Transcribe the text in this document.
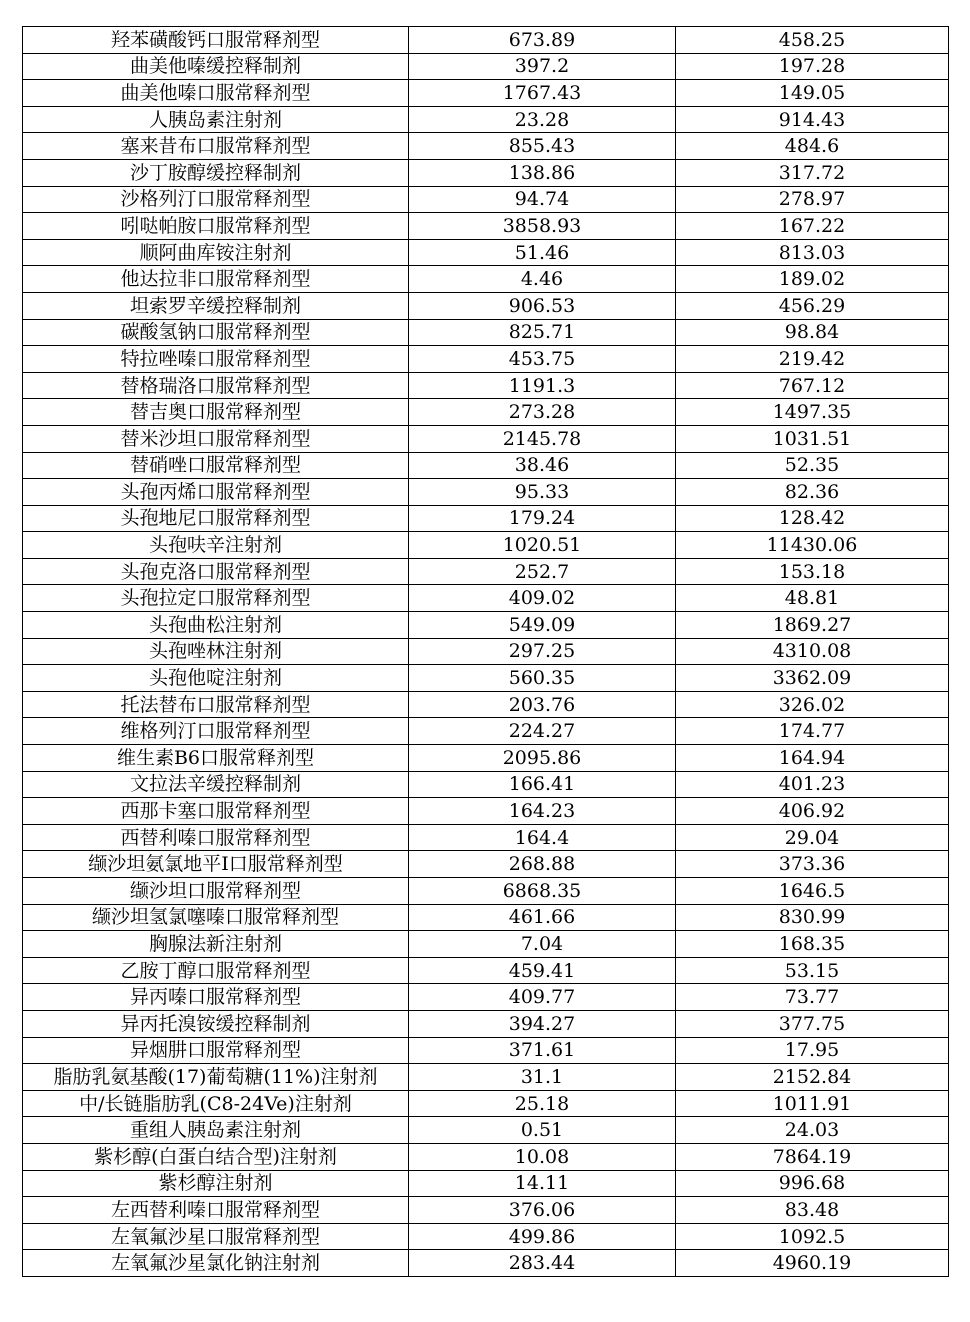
羟苯磺酸钙口服常释剂型	673.89	458.25
曲美他嗪缓控释制剂	397.2	197.28
曲美他嗪口服常释剂型	1767.43	149.05
人胰岛素注射剂	23.28	914.43
塞来昔布口服常释剂型	855.43	484.6
沙丁胺醇缓控释制剂	138.86	317.72
沙格列汀口服常释剂型	94.74	278.97
吲哒帕胺口服常释剂型	3858.93	167.22
顺阿曲库铵注射剂	51.46	813.03
他达拉非口服常释剂型	4.46	189.02
坦索罗辛缓控释制剂	906.53	456.29
碳酸氢钠口服常释剂型	825.71	98.84
特拉唑嗪口服常释剂型	453.75	219.42
替格瑞洛口服常释剂型	1191.3	767.12
替吉奥口服常释剂型	273.28	1497.35
替米沙坦口服常释剂型	2145.78	1031.51
替硝唑口服常释剂型	38.46	52.35
头孢丙烯口服常释剂型	95.33	82.36
头孢地尼口服常释剂型	179.24	128.42
头孢呋辛注射剂	1020.51	11430.06
头孢克洛口服常释剂型	252.7	153.18
头孢拉定口服常释剂型	409.02	48.81
头孢曲松注射剂	549.09	1869.27
头孢唑林注射剂	297.25	4310.08
头孢他啶注射剂	560.35	3362.09
托法替布口服常释剂型	203.76	326.02
维格列汀口服常释剂型	224.27	174.77
维生素B6口服常释剂型	2095.86	164.94
文拉法辛缓控释制剂	166.41	401.23
西那卡塞口服常释剂型	164.23	406.92
西替利嗪口服常释剂型	164.4	29.04
缬沙坦氨氯地平Ⅰ口服常释剂型	268.88	373.36
缬沙坦口服常释剂型	6868.35	1646.5
缬沙坦氢氯噻嗪口服常释剂型	461.66	830.99
胸腺法新注射剂	7.04	168.35
乙胺丁醇口服常释剂型	459.41	53.15
异丙嗪口服常释剂型	409.77	73.77
异丙托溴铵缓控释制剂	394.27	377.75
异烟肼口服常释剂型	371.61	17.95
脂肪乳氨基酸(17)葡萄糖(11%)注射剂	31.1	2152.84
中/长链脂肪乳(C8-24Ve)注射剂	25.18	1011.91
重组人胰岛素注射剂	0.51	24.03
紫杉醇(白蛋白结合型)注射剂	10.08	7864.19
紫杉醇注射剂	14.11	996.68
左西替利嗪口服常释剂型	376.06	83.48
左氧氟沙星口服常释剂型	499.86	1092.5
左氧氟沙星氯化钠注射剂	283.44	4960.19
